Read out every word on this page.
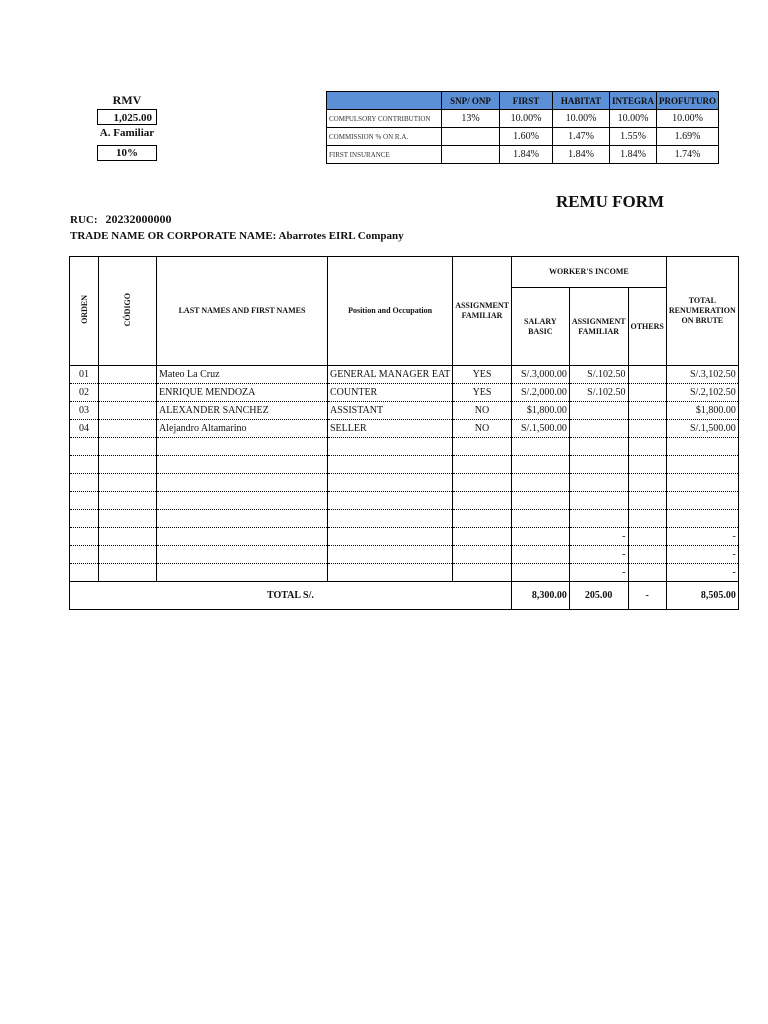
RMV
1,025.00
A. Familiar
10%
	SNP/ ONP	FIRST	HABITAT	INTEGRA	PROFUTURO
COMPULSORY CONTRIBUTION	13%	10.00%	10.00%	10.00%	10.00%
COMMISSION % ON R.A.		1.60%	1.47%	1.55%	1.69%
FIRST INSURANCE		1.84%	1.84%	1.84%	1.74%
REMU FORM
RUC: 20232000000
TRADE NAME OR CORPORATE NAME: Abarrotes EIRL Company
ORDEN	CÓDIGO	LAST NAMES AND FIRST NAMES	Position and Occupation	ASSIGNMENT FAMILIAR	WORKER'S INCOME			TOTAL RENUMERATION ON BRUTE
					SALARY BASIC	ASSIGNMENT FAMILIAR	OTHERS	
01		Mateo La Cruz	GENERAL MANAGER EAT	YES	S/.3,000.00	S/.102.50		S/.3,102.50
02		ENRIQUE MENDOZA	COUNTER	YES	S/.2,000.00	S/.102.50		S/.2,102.50
03		ALEXANDER SANCHEZ	ASSISTANT	NO	$1,800.00			$1,800.00
04		Alejandro Altamarino	SELLER	NO	S/.1,500.00			S/.1,500.00

						-		-
						-		-
						-		-
TOTAL S/.					8,300.00	205.00	-	8,505.00
